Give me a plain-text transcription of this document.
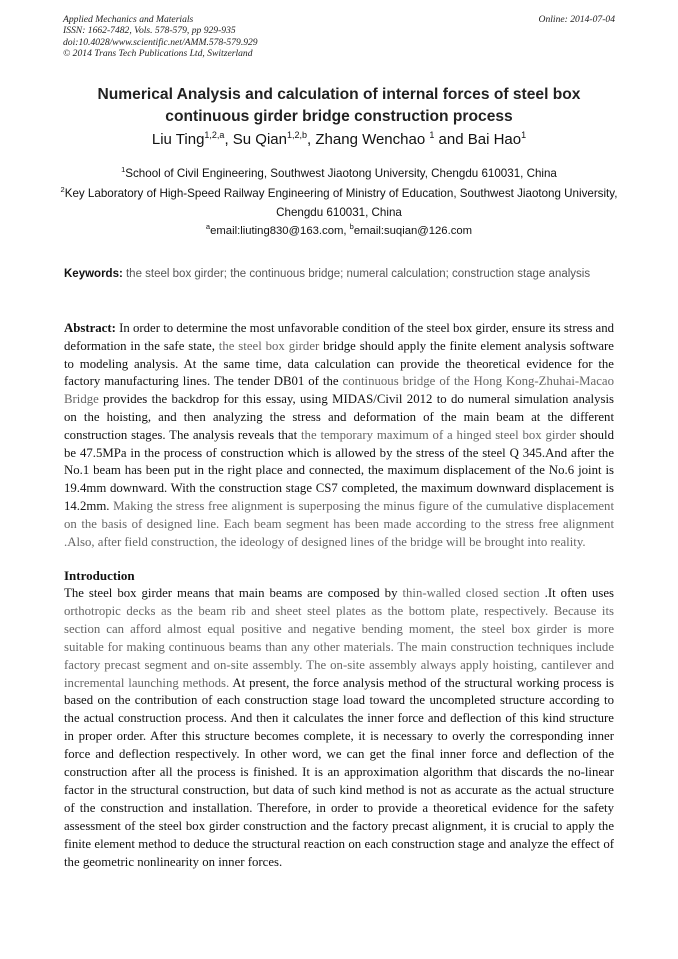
Applied Mechanics and Materials
ISSN: 1662-7482, Vols. 578-579, pp 929-935
doi:10.4028/www.scientific.net/AMM.578-579.929
© 2014 Trans Tech Publications Ltd, Switzerland
Online: 2014-07-04
Numerical Analysis and calculation of internal forces of steel box continuous girder bridge construction process
Liu Ting$^{1,2,a}$, Su Qian$^{1,2,b}$, Zhang Wenchao $^1$ and Bai Hao$^1$
$^1$School of Civil Engineering, Southwest Jiaotong University, Chengdu 610031, China
$^2$Key Laboratory of High-Speed Railway Engineering of Ministry of Education, Southwest Jiaotong University, Chengdu 610031, China
$^a$email:liuting830@163.com, $^b$email:suqian@126.com
Keywords: the steel box girder; the continuous bridge; numeral calculation; construction stage analysis
Abstract: In order to determine the most unfavorable condition of the steel box girder, ensure its stress and deformation in the safe state, the steel box girder bridge should apply the finite element analysis software to modeling analysis. At the same time, data calculation can provide the theoretical evidence for the factory manufacturing lines. The tender DB01 of the continuous bridge of the Hong Kong-Zhuhai-Macao Bridge provides the backdrop for this essay, using MIDAS/Civil 2012 to do numeral simulation analysis on the hoisting, and then analyzing the stress and deformation of the main beam at the different construction stages. The analysis reveals that the temporary maximum of a hinged steel box girder should be 47.5MPa in the process of construction which is allowed by the stress of the steel Q 345.And after the No.1 beam has been put in the right place and connected, the maximum displacement of the No.6 joint is 19.4mm downward. With the construction stage CS7 completed, the maximum downward displacement is 14.2mm. Making the stress free alignment is superposing the minus figure of the cumulative displacement on the basis of designed line. Each beam segment has been made according to the stress free alignment .Also, after field construction, the ideology of designed lines of the bridge will be brought into reality.
Introduction
The steel box girder means that main beams are composed by thin-walled closed section .It often uses orthotropic decks as the beam rib and sheet steel plates as the bottom plate, respectively. Because its section can afford almost equal positive and negative bending moment, the steel box girder is more suitable for making continuous beams than any other materials. The main construction techniques include factory precast segment and on-site assembly. The on-site assembly always apply hoisting, cantilever and incremental launching methods. At present, the force analysis method of the structural working process is based on the contribution of each construction stage load toward the uncompleted structure according to the actual construction process. And then it calculates the inner force and deflection of this kind structure in proper order. After this structure becomes complete, it is necessary to overly the corresponding inner force and deflection respectively. In other word, we can get the final inner force and deflection of the construction after all the process is finished. It is an approximation algorithm that discards the no-linear factor in the structural construction, but data of such kind method is not as accurate as the actual structure of the construction and installation. Therefore, in order to provide a theoretical evidence for the safety assessment of the steel box girder construction and the factory precast alignment, it is crucial to apply the finite element method to deduce the structural reaction on each construction stage and analyze the effect of the geometric nonlinearity on inner forces.
